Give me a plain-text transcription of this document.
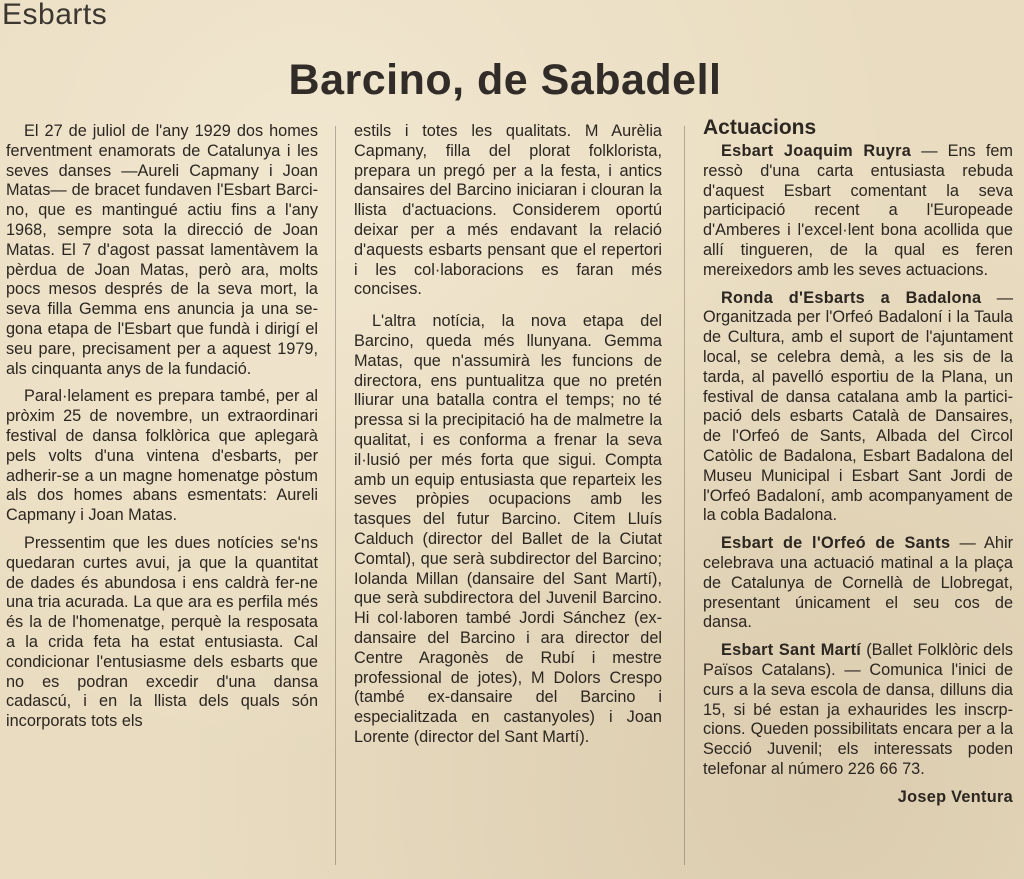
Esbarts
Barcino, de Sabadell

El 27 de juliol de l'any 1929 dos homes ferventment enamorats de Catalunya i les seves danses —Aureli Capmany i Joan Matas— de bracet fundaven l'Esbart Barcino, que es mantingué actiu fins a l'any 1968, sempre sota la direcció de Joan Matas. El 7 d'agost passat lamentàvem la pèrdua de Joan Matas, però ara, molts pocs mesos després de la seva mort, la seva filla Gemma ens anuncia ja una segona etapa de l'Esbart que fundà i dirigí el seu pare, precisament per a aquest 1979, als cinquanta anys de la fundació.

Paral·lelament es prepara també, per al pròxim 25 de novembre, un extraordinari festival de dansa folklòrica que aplegarà pels volts d'una vintena d'esbarts, per adherir-se a un magne homenatge pòstum als dos homes abans esmentats: Aureli Capmany i Joan Matas.

Pressentim que les dues notícies se'ns quedaran curtes avui, ja que la quantitat de dades és abundosa i ens caldrà fer-ne una tria acurada. La que ara es perfila més és la de l'homenatge, perquè la resposata a la crida feta ha estat entusiasta. Cal condicionar l'entusiasme dels esbarts que no es podran excedir d'una dansa cadascú, i en la llista dels quals són incorporats tots els

estils i totes les qualitats. M Aurèlia Capmany, filla del plorat folklorista, prepara un pregó per a la festa, i antics dansaires del Barcino iniciaran i clouran la llista d'actuacions. Considerem oportú deixar per a més endavant la relació d'aquests esbarts pensant que el repertori i les col·laboracions es faran més concises.

L'altra notícia, la nova etapa del Barcino, queda més llunyana. Gemma Matas, que n'assumirà les funcions de directora, ens puntualitza que no pretén lliurar una batalla contra el temps; no té pressa si la precipitació ha de malmetre la qualitat, i es conforma a frenar la seva il·lusió per més forta que sigui. Compta amb un equip entusiasta que reparteix les seves pròpies ocupacions amb les tasques del futur Barcino. Citem Lluís Calduch (director del Ballet de la Ciutat Comtal), que serà subdirector del Barcino; Iolanda Millan (dansaire del Sant Martí), que serà subdirectora del Juvenil Barcino. Hi col·laboren també Jordi Sánchez (ex-dansaire del Barcino i ara director del Centre Aragonès de Rubí i mestre professional de jotes), M Dolors Crespo (també ex-dansaire del Barcino i especialitzada en castanyoles) i Joan Lorente (director del Sant Martí).

Actuacions

Esbart Joaquim Ruyra — Ens fem ressò d'una carta entusiasta rebuda d'aquest Esbart comentant la seva participació recent a l'Europeade d'Amberes i l'excel·lent bona acollida que allí tingueren, de la qual es feren mereixedors amb les seves actuacions.

Ronda d'Esbarts a Badalona — Organitzada per l'Orfeó Badaloní i la Taula de Cultura, amb el suport de l'ajuntament local, se celebra demà, a les sis de la tarda, al pavelló esportiu de la Plana, un festival de dansa catalana amb la participació dels esbarts Català de Dansaires, de l'Orfeó de Sants, Albada del Cìrcol Catòlic de Badalona, Esbart Badalona del Museu Municipal i Esbart Sant Jordi de l'Orfeó Badaloní, amb acompanyament de la cobla Badalona.

Esbart de l'Orfeó de Sants — Ahir celebrava una actuació matinal a la plaça de Catalunya de Cornellà de Llobregat, presentant únicament el seu cos de dansa.

Esbart Sant Martí (Ballet Folklòric dels Països Catalans). — Comunica l'inici de curs a la seva escola de dansa, dilluns dia 15, si bé estan ja exhaurides les inscrpcions. Queden possibilitats encara per a la Secció Juvenil; els interessats poden telefonar al número 226 66 73.

Josep Ventura
